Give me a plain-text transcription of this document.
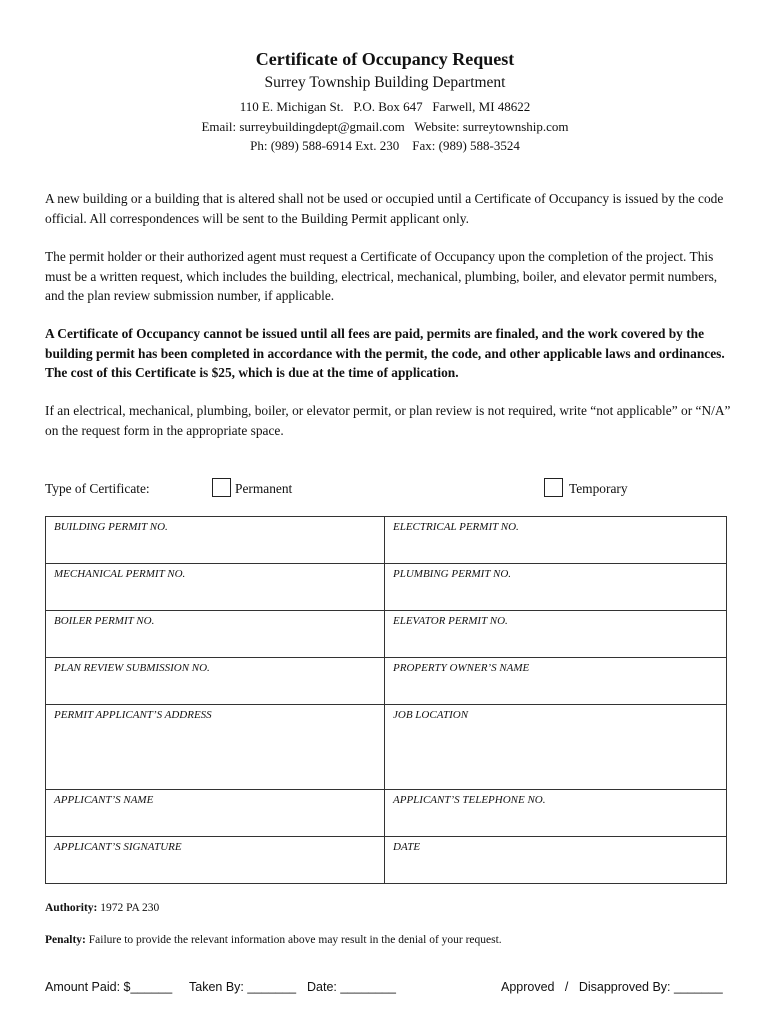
Certificate of Occupancy Request

Surrey Township Building Department

110 E. Michigan St.   P.O. Box 647   Farwell, MI 48622

Email: surreybuildingdept@gmail.com   Website: surreytownship.com

Ph: (989) 588-6914 Ext. 230    Fax: (989) 588-3524

A new building or a building that is altered shall not be used or occupied until a Certificate of Occupancy is issued by the code official. All correspondences will be sent to the Building Permit applicant only.

The permit holder or their authorized agent must request a Certificate of Occupancy upon the completion of the project. This must be a written request, which includes the building, electrical, mechanical, plumbing, boiler, and elevator permit numbers, and the plan review submission number, if applicable.

A Certificate of Occupancy cannot be issued until all fees are paid, permits are finaled, and the work covered by the building permit has been completed in accordance with the permit, the code, and other applicable laws and ordinances. The cost of this Certificate is $25, which is due at the time of application.

If an electrical, mechanical, plumbing, boiler, or elevator permit, or plan review is not required, write “not applicable” or “N/A” on the request form in the appropriate space.

Type of Certificate:	Permanent	Temporary
BUILDING PERMIT NO.	ELECTRICAL PERMIT NO.
MECHANICAL PERMIT NO.	PLUMBING PERMIT NO.
BOILER PERMIT NO.	ELEVATOR PERMIT NO.
PLAN REVIEW SUBMISSION NO.	PROPERTY OWNER’S NAME
PERMIT APPLICANT’S ADDRESS	JOB LOCATION
APPLICANT’S NAME	APPLICANT’S TELEPHONE NO.
APPLICANT’S SIGNATURE	DATE
Authority: 1972 PA 230
Penalty: Failure to provide the relevant information above may result in the denial of your request.
Amount Paid: $______ Taken By: _______ Date: ________	Approved   /   Disapproved By: _______
